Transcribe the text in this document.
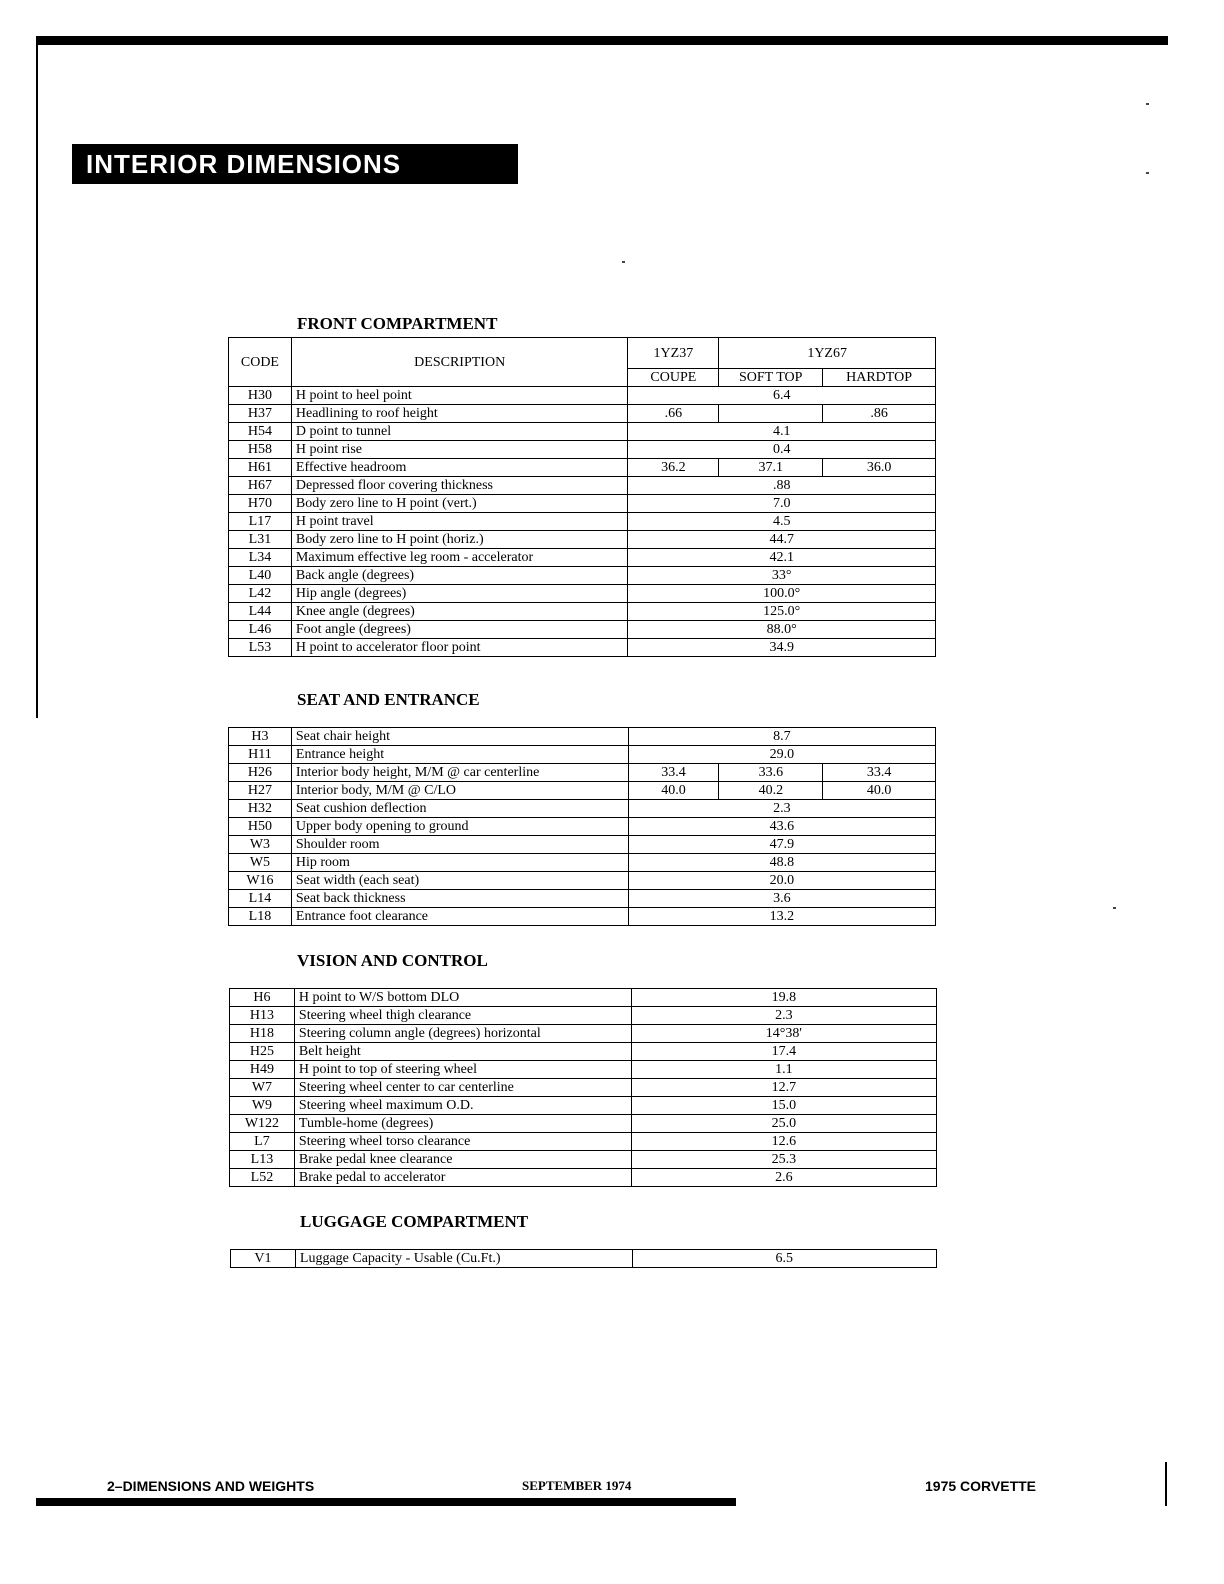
INTERIOR DIMENSIONS
FRONT COMPARTMENT
CODE	DESCRIPTION	1YZ37	1YZ67	
		COUPE	SOFT TOP	HARDTOP
H30	H point to heel point	6.4		
H37	Headlining to roof height	.66		.86
H54	D point to tunnel	4.1		
H58	H point rise	0.4		
H61	Effective headroom	36.2	37.1	36.0
H67	Depressed floor covering thickness	.88		
H70	Body zero line to H point (vert.)	7.0		
L17	H point travel	4.5		
L31	Body zero line to H point (horiz.)	44.7		
L34	Maximum effective leg room - accelerator	42.1		
L40	Back angle (degrees)	33°		
L42	Hip angle (degrees)	100.0°		
L44	Knee angle (degrees)	125.0°		
L46	Foot angle (degrees)	88.0°		
L53	H point to accelerator floor point	34.9		
SEAT AND ENTRANCE
H3	Seat chair height	8.7		
H11	Entrance height	29.0		
H26	Interior body height, M/M @ car centerline	33.4	33.6	33.4
H27	Interior body, M/M @ C/LO	40.0	40.2	40.0
H32	Seat cushion deflection	2.3		
H50	Upper body opening to ground	43.6		
W3	Shoulder room	47.9		
W5	Hip room	48.8		
W16	Seat width (each seat)	20.0		
L14	Seat back thickness	3.6		
L18	Entrance foot clearance	13.2		
VISION AND CONTROL
H6	H point to W/S bottom DLO	19.8
H13	Steering wheel thigh clearance	2.3
H18	Steering column angle (degrees) horizontal	14°38'
H25	Belt height	17.4
H49	H point to top of steering wheel	1.1
W7	Steering wheel center to car centerline	12.7
W9	Steering wheel maximum O.D.	15.0
W122	Tumble-home (degrees)	25.0
L7	Steering wheel torso clearance	12.6
L13	Brake pedal knee clearance	25.3
L52	Brake pedal to accelerator	2.6
LUGGAGE COMPARTMENT
V1	Luggage Capacity - Usable (Cu.Ft.)	6.5
2–DIMENSIONS AND WEIGHTS	SEPTEMBER 1974	1975 CORVETTE
